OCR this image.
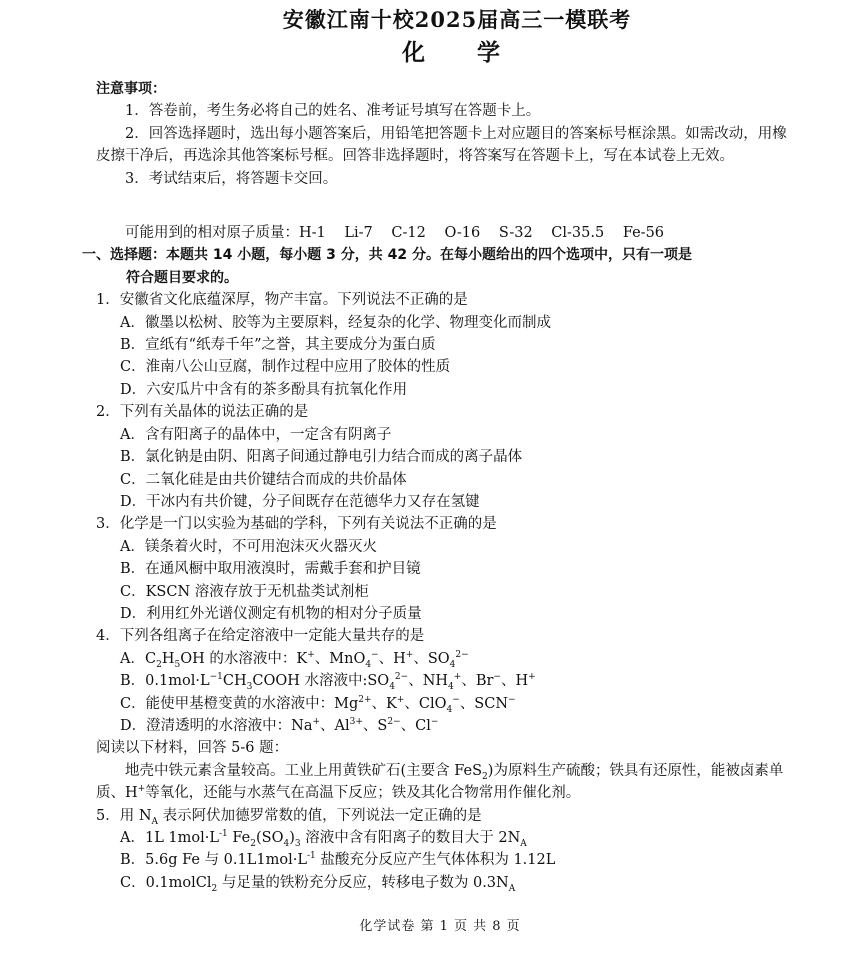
安徽江南十校2025届高三一模联考
化 学
注意事项：
1．答卷前，考生务必将自己的姓名、准考证号填写在答题卡上。
2．回答选择题时，选出每小题答案后，用铅笔把答题卡上对应题目的答案标号框涂黑。如需改动，用橡皮擦干净后，再选涂其他答案标号框。回答非选择题时，将答案写在答题卡上，写在本试卷上无效。
3．考试结束后，将答题卡交回。
可能用到的相对原子质量：H-1 Li-7 C-12 O-16 S-32 Cl-35.5 Fe-56
一、选择题：本题共 14 小题，每小题 3 分，共 42 分。在每小题给出的四个选项中，只有一项是
符合题目要求的。
1．安徽省文化底蕴深厚，物产丰富。下列说法不正确的是
A．徽墨以松树、胶等为主要原料，经复杂的化学、物理变化而制成
B．宣纸有“纸寿千年”之誉，其主要成分为蛋白质
C．淮南八公山豆腐，制作过程中应用了胶体的性质
D．六安瓜片中含有的茶多酚具有抗氧化作用
2．下列有关晶体的说法正确的是
A．含有阳离子的晶体中，一定含有阴离子
B．氯化钠是由阴、阳离子间通过静电引力结合而成的离子晶体
C．二氧化硅是由共价键结合而成的共价晶体
D．干冰内有共价键，分子间既存在范德华力又存在氢键
3．化学是一门以实验为基础的学科，下列有关说法不正确的是
A．镁条着火时，不可用泡沫灭火器灭火
B．在通风橱中取用液溴时，需戴手套和护目镜
C．KSCN 溶液存放于无机盐类试剂柜
D．利用红外光谱仪测定有机物的相对分子质量
4．下列各组离子在给定溶液中一定能大量共存的是
A．$C_2H_5OH$ 的水溶液中：K+、MnO$_4$−、H+、$SO_4^{2-}$
B．$0.1mol\cdot L^{-1}CH_3COOH$ 水溶液中$:SO_4^{2-}$、$NH_4^+$、Br−、H+
C．能使甲基橙变黄的水溶液中：$Mg^{2+}$、K+、ClO$_4$−、SCN−
D．澄清透明的水溶液中：Na+、$Al^{3+}$、$S^{2-}$、Cl−
阅读以下材料，回答 5-6 题：
地壳中铁元素含量较高。工业上用黄铁矿石(主要含 FeS$_2$)为原料生产硫酸；铁具有还原性，能被卤素单质、H+等氧化，还能与水蒸气在高温下反应；铁及其化合物常用作催化剂。
5．用 $N_A$ 表示阿伏加德罗常数的值，下列说法一定正确的是
A．1L $1mol\cdot L^{-1}$ $Fe_2(SO_4)_3$ 溶液中含有阳离子的数目大于 $2N_A$
B．5.6g Fe 与 $0.1L1mol\cdot L^{-1}$ 盐酸充分反应产生气体体积为 1.12L
C．0.1molCl$_2$ 与足量的铁粉充分反应，转移电子数为 $0.3N_A$
化学试卷 第 1 页 共 8 页
